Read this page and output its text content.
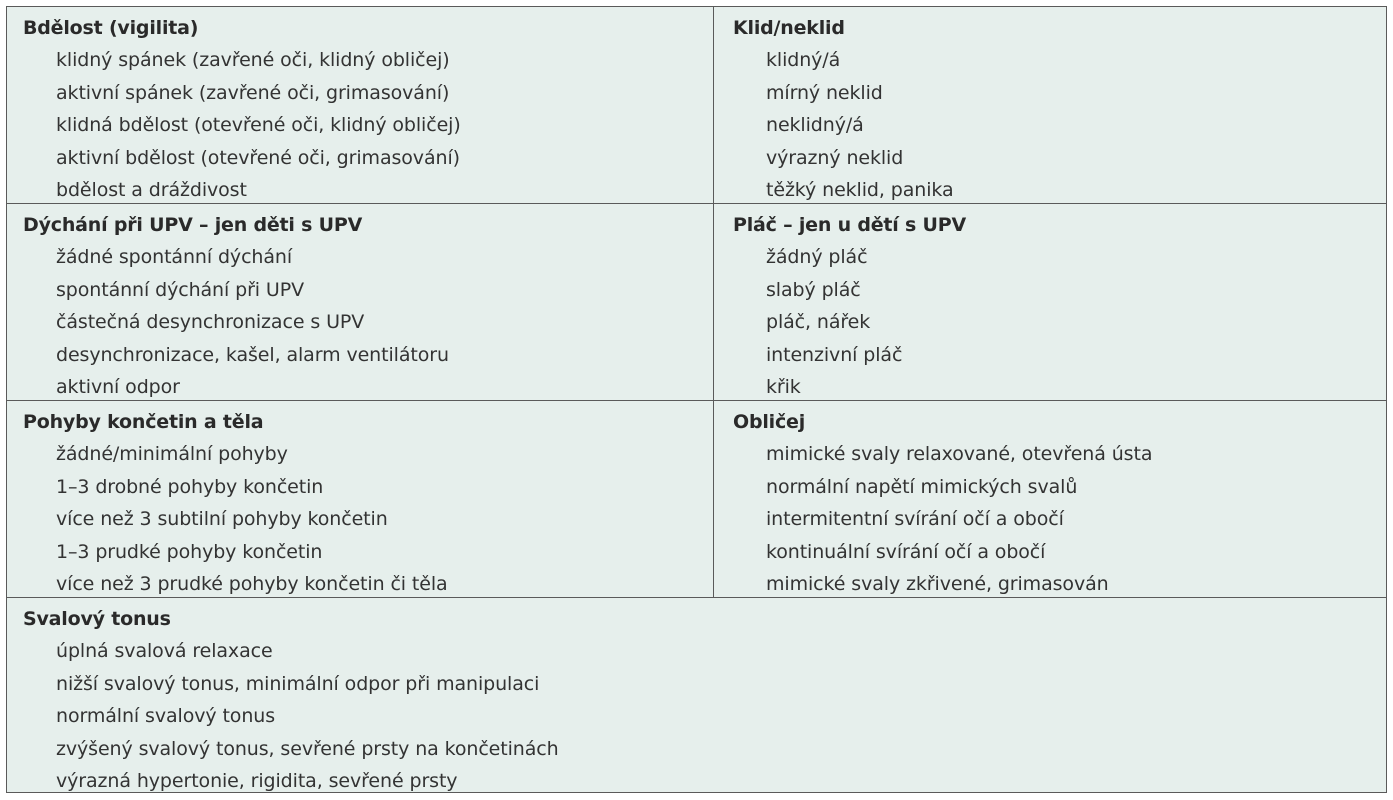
Bdělost (vigilita)
klidný spánek (zavřené oči, klidný obličej)
aktivní spánek (zavřené oči, grimasování)
klidná bdělost (otevřené oči, klidný obličej)
aktivní bdělost (otevřené oči, grimasování)
bdělost a dráždivost
Klid/neklid
klidný/á
mírný neklid
neklidný/á
výrazný neklid
těžký neklid, panika
Dýchání při UPV – jen děti s UPV
žádné spontánní dýchání
spontánní dýchání při UPV
částečná desynchronizace s UPV
desynchronizace, kašel, alarm ventilátoru
aktivní odpor
Pláč – jen u dětí s UPV
žádný pláč
slabý pláč
pláč, nářek
intenzivní pláč
křik
Pohyby končetin a těla
žádné/minimální pohyby
1–3 drobné pohyby končetin
více než 3 subtilní pohyby končetin
1–3 prudké pohyby končetin
více než 3 prudké pohyby končetin či těla
Obličej
mimické svaly relaxované, otevřená ústa
normální napětí mimických svalů
intermitentní svírání očí a obočí
kontinuální svírání očí a obočí
mimické svaly zkřivené, grimasován
Svalový tonus
úplná svalová relaxace
nižší svalový tonus, minimální odpor při manipulaci
normální svalový tonus
zvýšený svalový tonus, sevřené prsty na končetinách
výrazná hypertonie, rigidita, sevřené prsty
